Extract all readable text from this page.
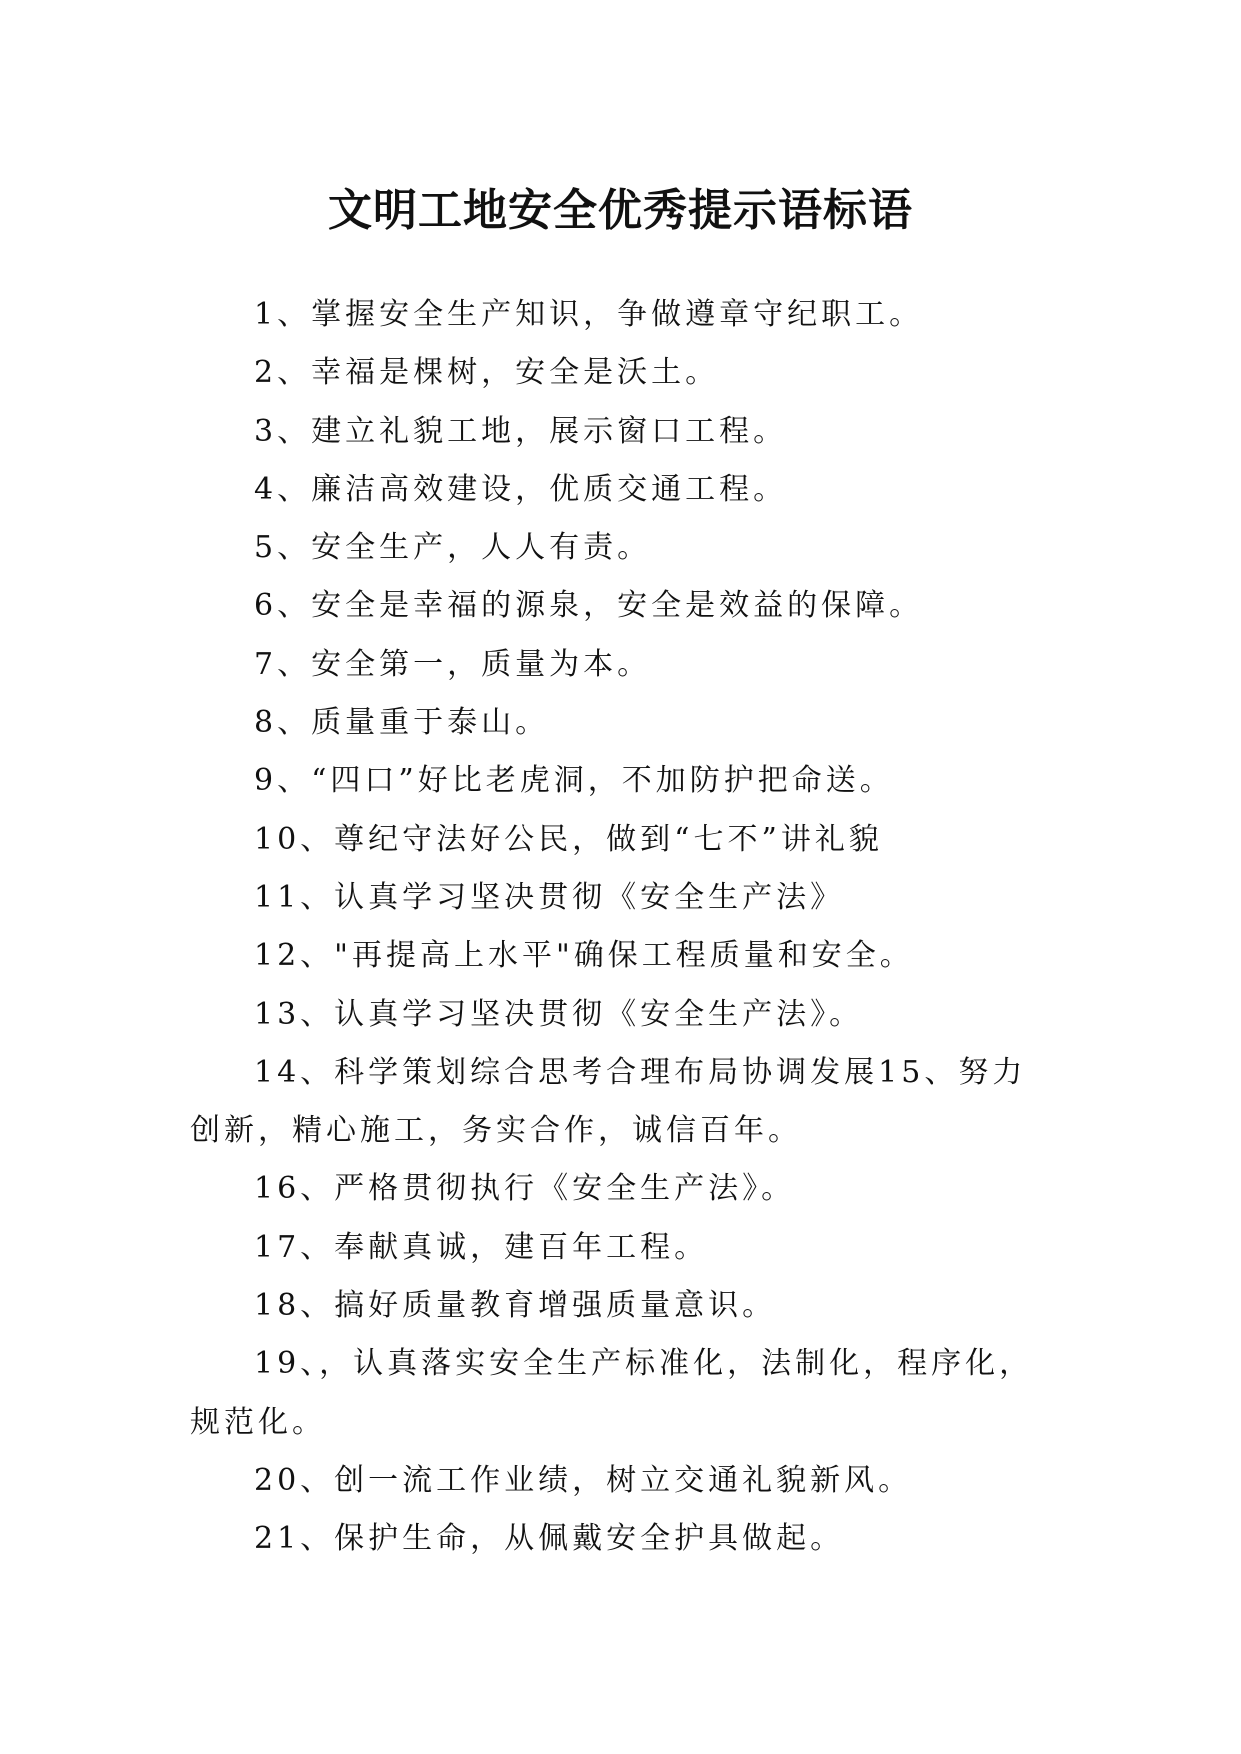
文明工地安全优秀提示语标语

1、掌握安全生产知识，争做遵章守纪职工。

2、幸福是棵树，安全是沃土。

3、建立礼貌工地，展示窗口工程。

4、廉洁高效建设，优质交通工程。

5、安全生产，人人有责。

6、安全是幸福的源泉，安全是效益的保障。

7、安全第一，质量为本。

8、质量重于泰山。

9、“四口”好比老虎洞，不加防护把命送。

10、尊纪守法好公民，做到“七不”讲礼貌

11、认真学习坚决贯彻《安全生产法》

12、"再提高上水平"确保工程质量和安全。

13、认真学习坚决贯彻《安全生产法》。

14、科学策划综合思考合理布局协调发展15、努力创新，精心施工，务实合作，诚信百年。

16、严格贯彻执行《安全生产法》。

17、奉献真诚，建百年工程。

18、搞好质量教育增强质量意识。

19、，认真落实安全生产标准化，法制化，程序化，规范化。

20、创一流工作业绩，树立交通礼貌新风。

21、保护生命，从佩戴安全护具做起。
